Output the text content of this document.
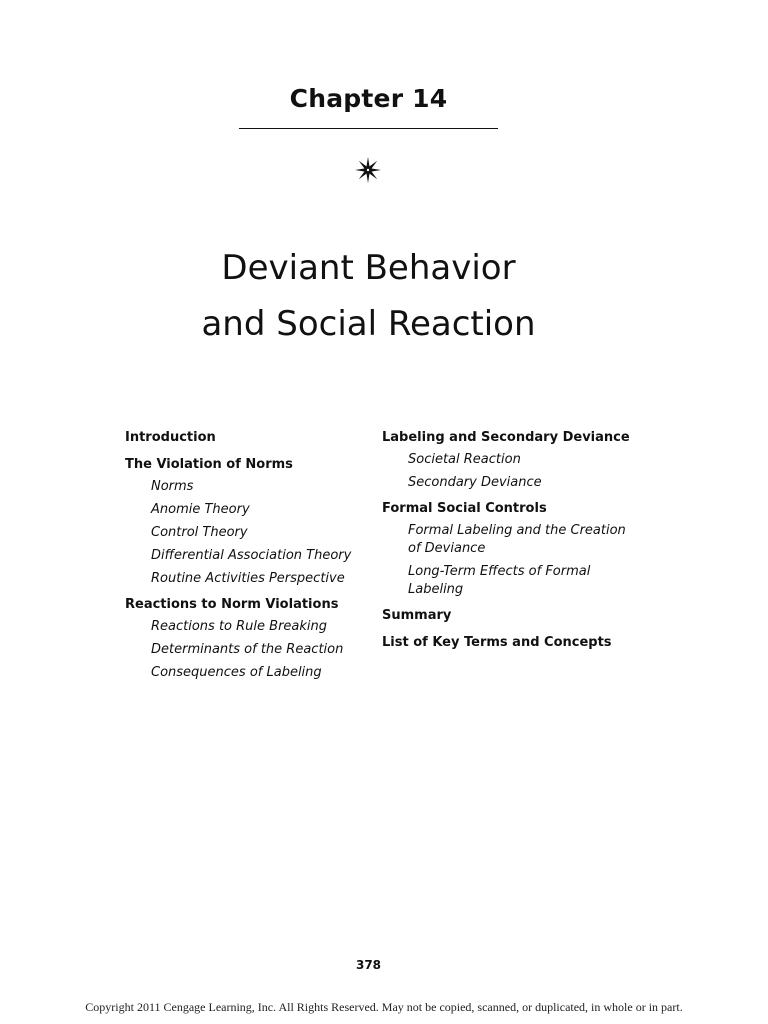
Chapter 14
Deviant Behavior
and Social Reaction
Introduction
The Violation of Norms
Norms
Anomie Theory
Control Theory
Differential Association Theory
Routine Activities Perspective
Reactions to Norm Violations
Reactions to Rule Breaking
Determinants of the Reaction
Consequences of Labeling
Labeling and Secondary Deviance
Societal Reaction
Secondary Deviance
Formal Social Controls
Formal Labeling and the Creation of Deviance
Long-Term Effects of Formal Labeling
Summary
List of Key Terms and Concepts
378
Copyright 2011 Cengage Learning, Inc. All Rights Reserved. May not be copied, scanned, or duplicated, in whole or in part.
